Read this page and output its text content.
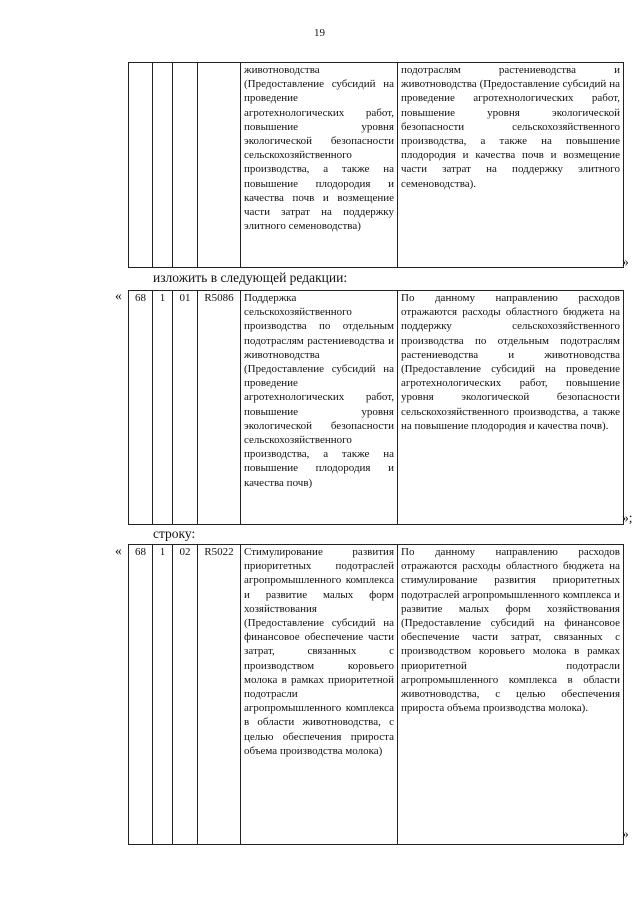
19
				животноводства (Предоставление субсидий на проведение агротехнологических работ, повышение уровня экологической безопасности сельскохозяйственного производства, а также на повышение плодородия и качества почв и возмещение части затрат на поддержку элитного семеноводства)	подотраслям растениеводства и животноводства (Предоставление субсидий на проведение агротехнологических работ, повышение уровня экологической безопасности сельскохозяйственного производства, а также на повышение плодородия и качества почв и возмещение части затрат на поддержку элитного семеноводства).
»
изложить в следующей редакции:
« 68	1	01	R5086	Поддержка сельскохозяйственного производства по отдельным подотраслям растениеводства и животноводства (Предоставление субсидий на проведение агротехнологических работ, повышение уровня экологической безопасности сельскохозяйственного производства, а также на повышение плодородия и качества почв)	По данному направлению расходов отражаются расходы областного бюджета на поддержку сельскохозяйственного производства по отдельным подотраслям растениеводства и животноводства (Предоставление субсидий на проведение агротехнологических работ, повышение уровня экологической безопасности сельскохозяйственного производства, а также на повышение плодородия и качества почв).
»;
строку:
« 68	1	02	R5022	Стимулирование развития приоритетных подотраслей агропромышленного комплекса и развитие малых форм хозяйствования (Предоставление субсидий на финансовое обеспечение части затрат, связанных с производством коровьего молока в рамках приоритетной подотрасли агропромышленного комплекса в области животноводства, с целью обеспечения прироста объема производства молока)	По данному направлению расходов отражаются расходы областного бюджета на стимулирование развития приоритетных подотраслей агропромышленного комплекса и развитие малых форм хозяйствования (Предоставление субсидий на финансовое обеспечение части затрат, связанных с производством коровьего молока в рамках приоритетной подотрасли агропромышленного комплекса в области животноводства, с целью обеспечения прироста объема производства молока).
»
